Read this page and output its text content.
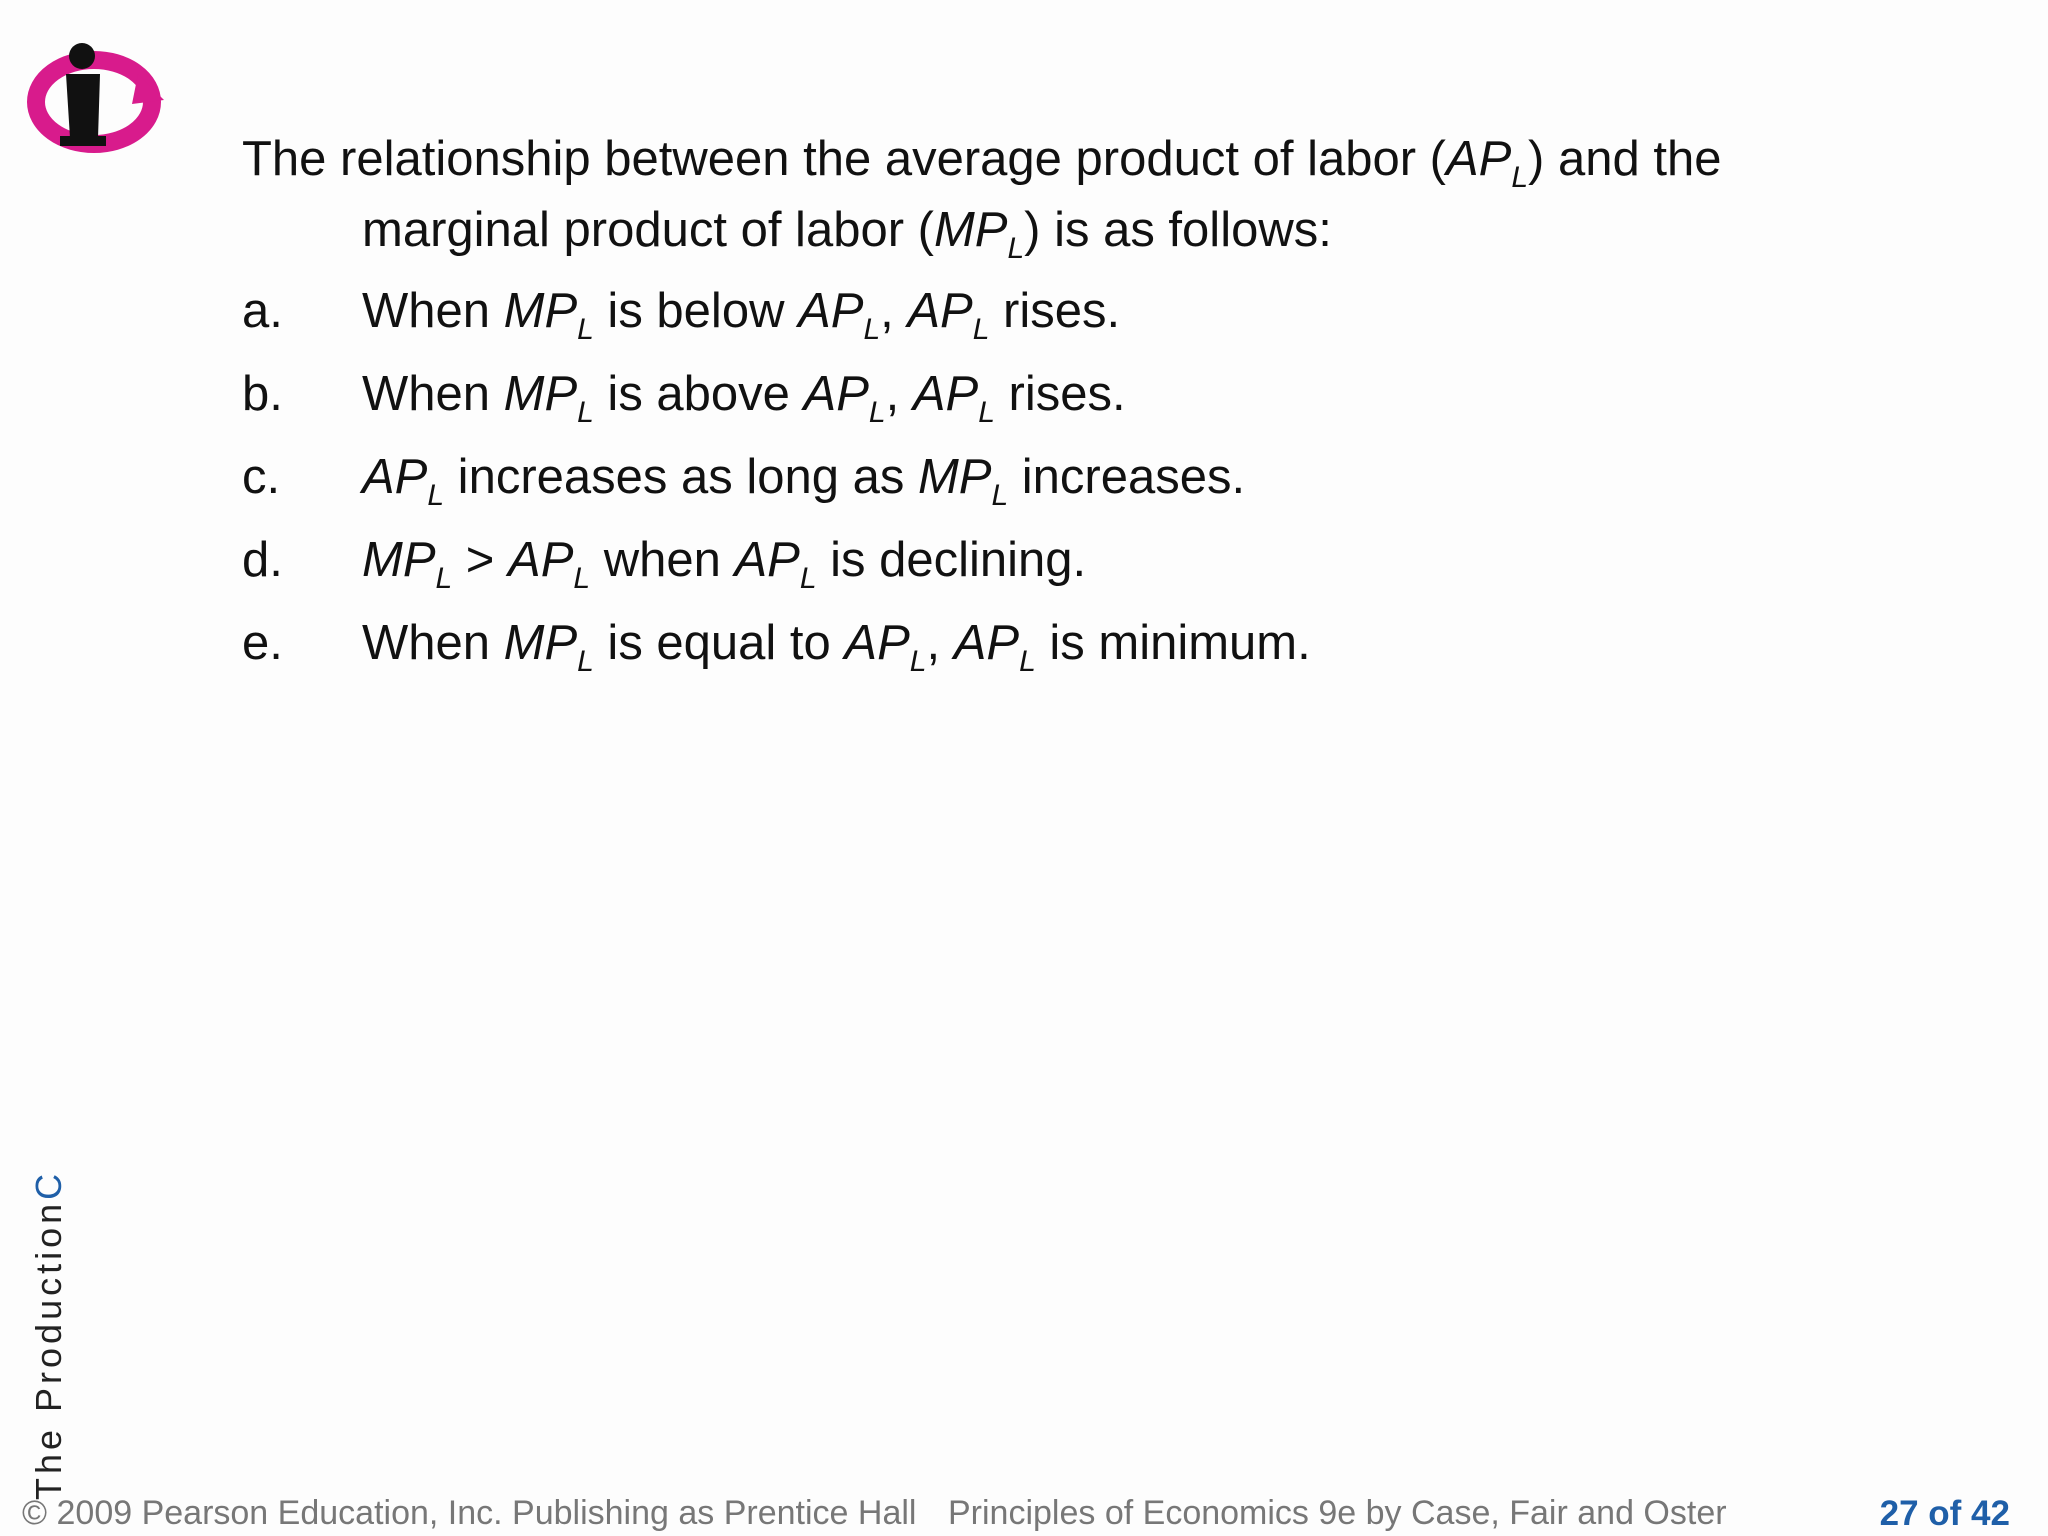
The relationship between the average product of labor $(AP_L)$ and the
marginal product of labor $(MP_L)$ is as follows:
a. When $MP_L$ is below $AP_L$, $AP_L$ rises.
b. When $MP_L$ is above $AP_L$, $AP_L$ rises.
c. $AP_L$ increases as long as $MP_L$ increases.
d. $MP_L > AP_L$ when $AP_L$ is declining.
e. When $MP_L$ is equal to $AP_L$, $AP_L$ is minimum.
The ProductionC
© 2009 Pearson Education, Inc. Publishing as Prentice Hall Principles of Economics 9e by Case, Fair and Oster	27 of 42
